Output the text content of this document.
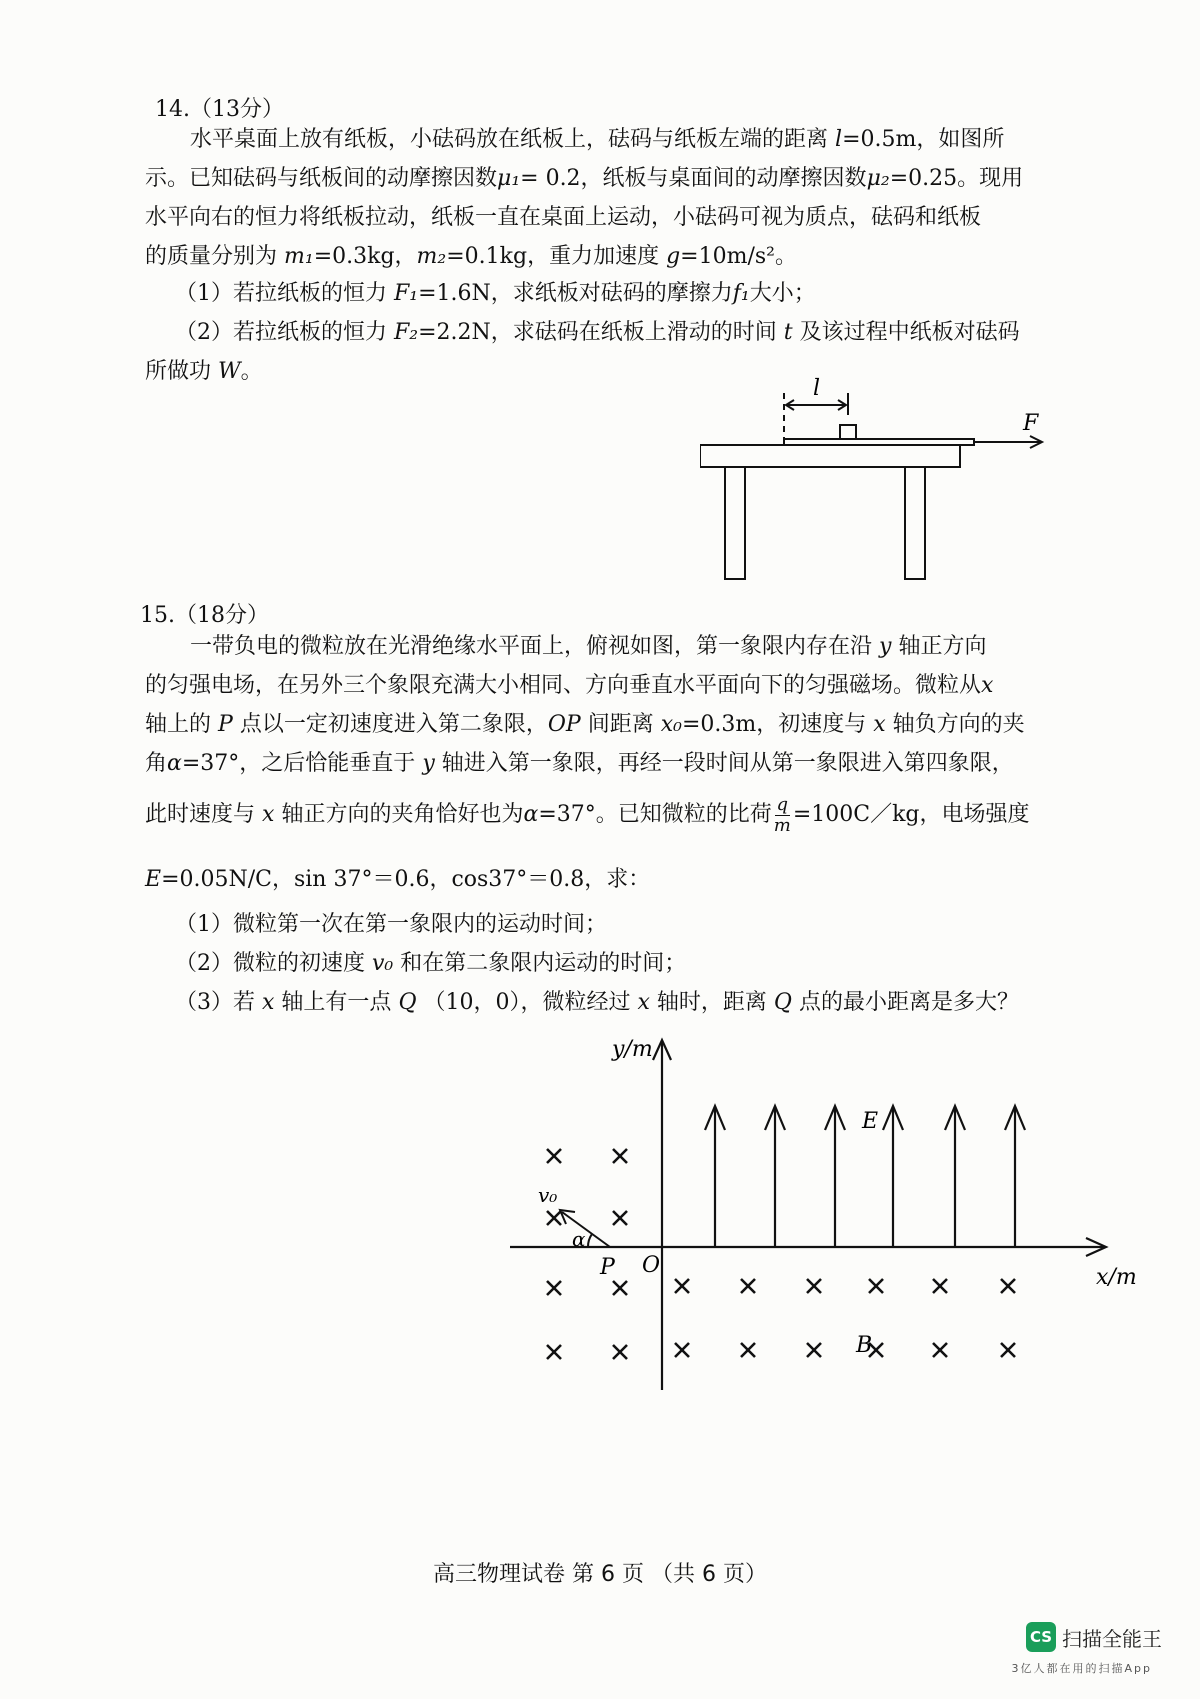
14.（13分）
水平桌面上放有纸板，小砝码放在纸板上，砝码与纸板左端的距离 l=0.5m，如图所
示。已知砝码与纸板间的动摩擦因数μ₁= 0.2，纸板与桌面间的动摩擦因数μ₂=0.25。现用
水平向右的恒力将纸板拉动，纸板一直在桌面上运动，小砝码可视为质点，砝码和纸板
的质量分别为 m₁=0.3kg，m₂=0.1kg，重力加速度 g=10m/s²。
（1）若拉纸板的恒力 F₁=1.6N，求纸板对砝码的摩擦力f₁大小；
（2）若拉纸板的恒力 F₂=2.2N，求砝码在纸板上滑动的时间 t 及该过程中纸板对砝码
所做功 W。
l
F
15.（18分）
一带负电的微粒放在光滑绝缘水平面上，俯视如图，第一象限内存在沿 y 轴正方向
的匀强电场，在另外三个象限充满大小相同、方向垂直水平面向下的匀强磁场。微粒从x
轴上的 P 点以一定初速度进入第二象限，OP 间距离 x₀=0.3m，初速度与 x 轴负方向的夹
角α=37°，之后恰能垂直于 y 轴进入第一象限，再经一段时间从第一象限进入第四象限，
此时速度与 x 轴正方向的夹角恰好也为α=37°。已知微粒的比荷 $\frac{q}{m}$ =100C／kg，电场强度
E=0.05N/C，sin 37°＝0.6，cos37°＝0.8，求：
（1）微粒第一次在第一象限内的运动时间；
（2）微粒的初速度 v₀ 和在第二象限内运动的时间；
（3）若 x 轴上有一点 Q （10，0），微粒经过 x 轴时，距离 Q 点的最小距离是多大？
v₀
α
P O
y/m
x/m
E
B
高三物理试卷 第 6 页 （共 6 页）
CS 扫描全能王
3亿人都在用的扫描App
